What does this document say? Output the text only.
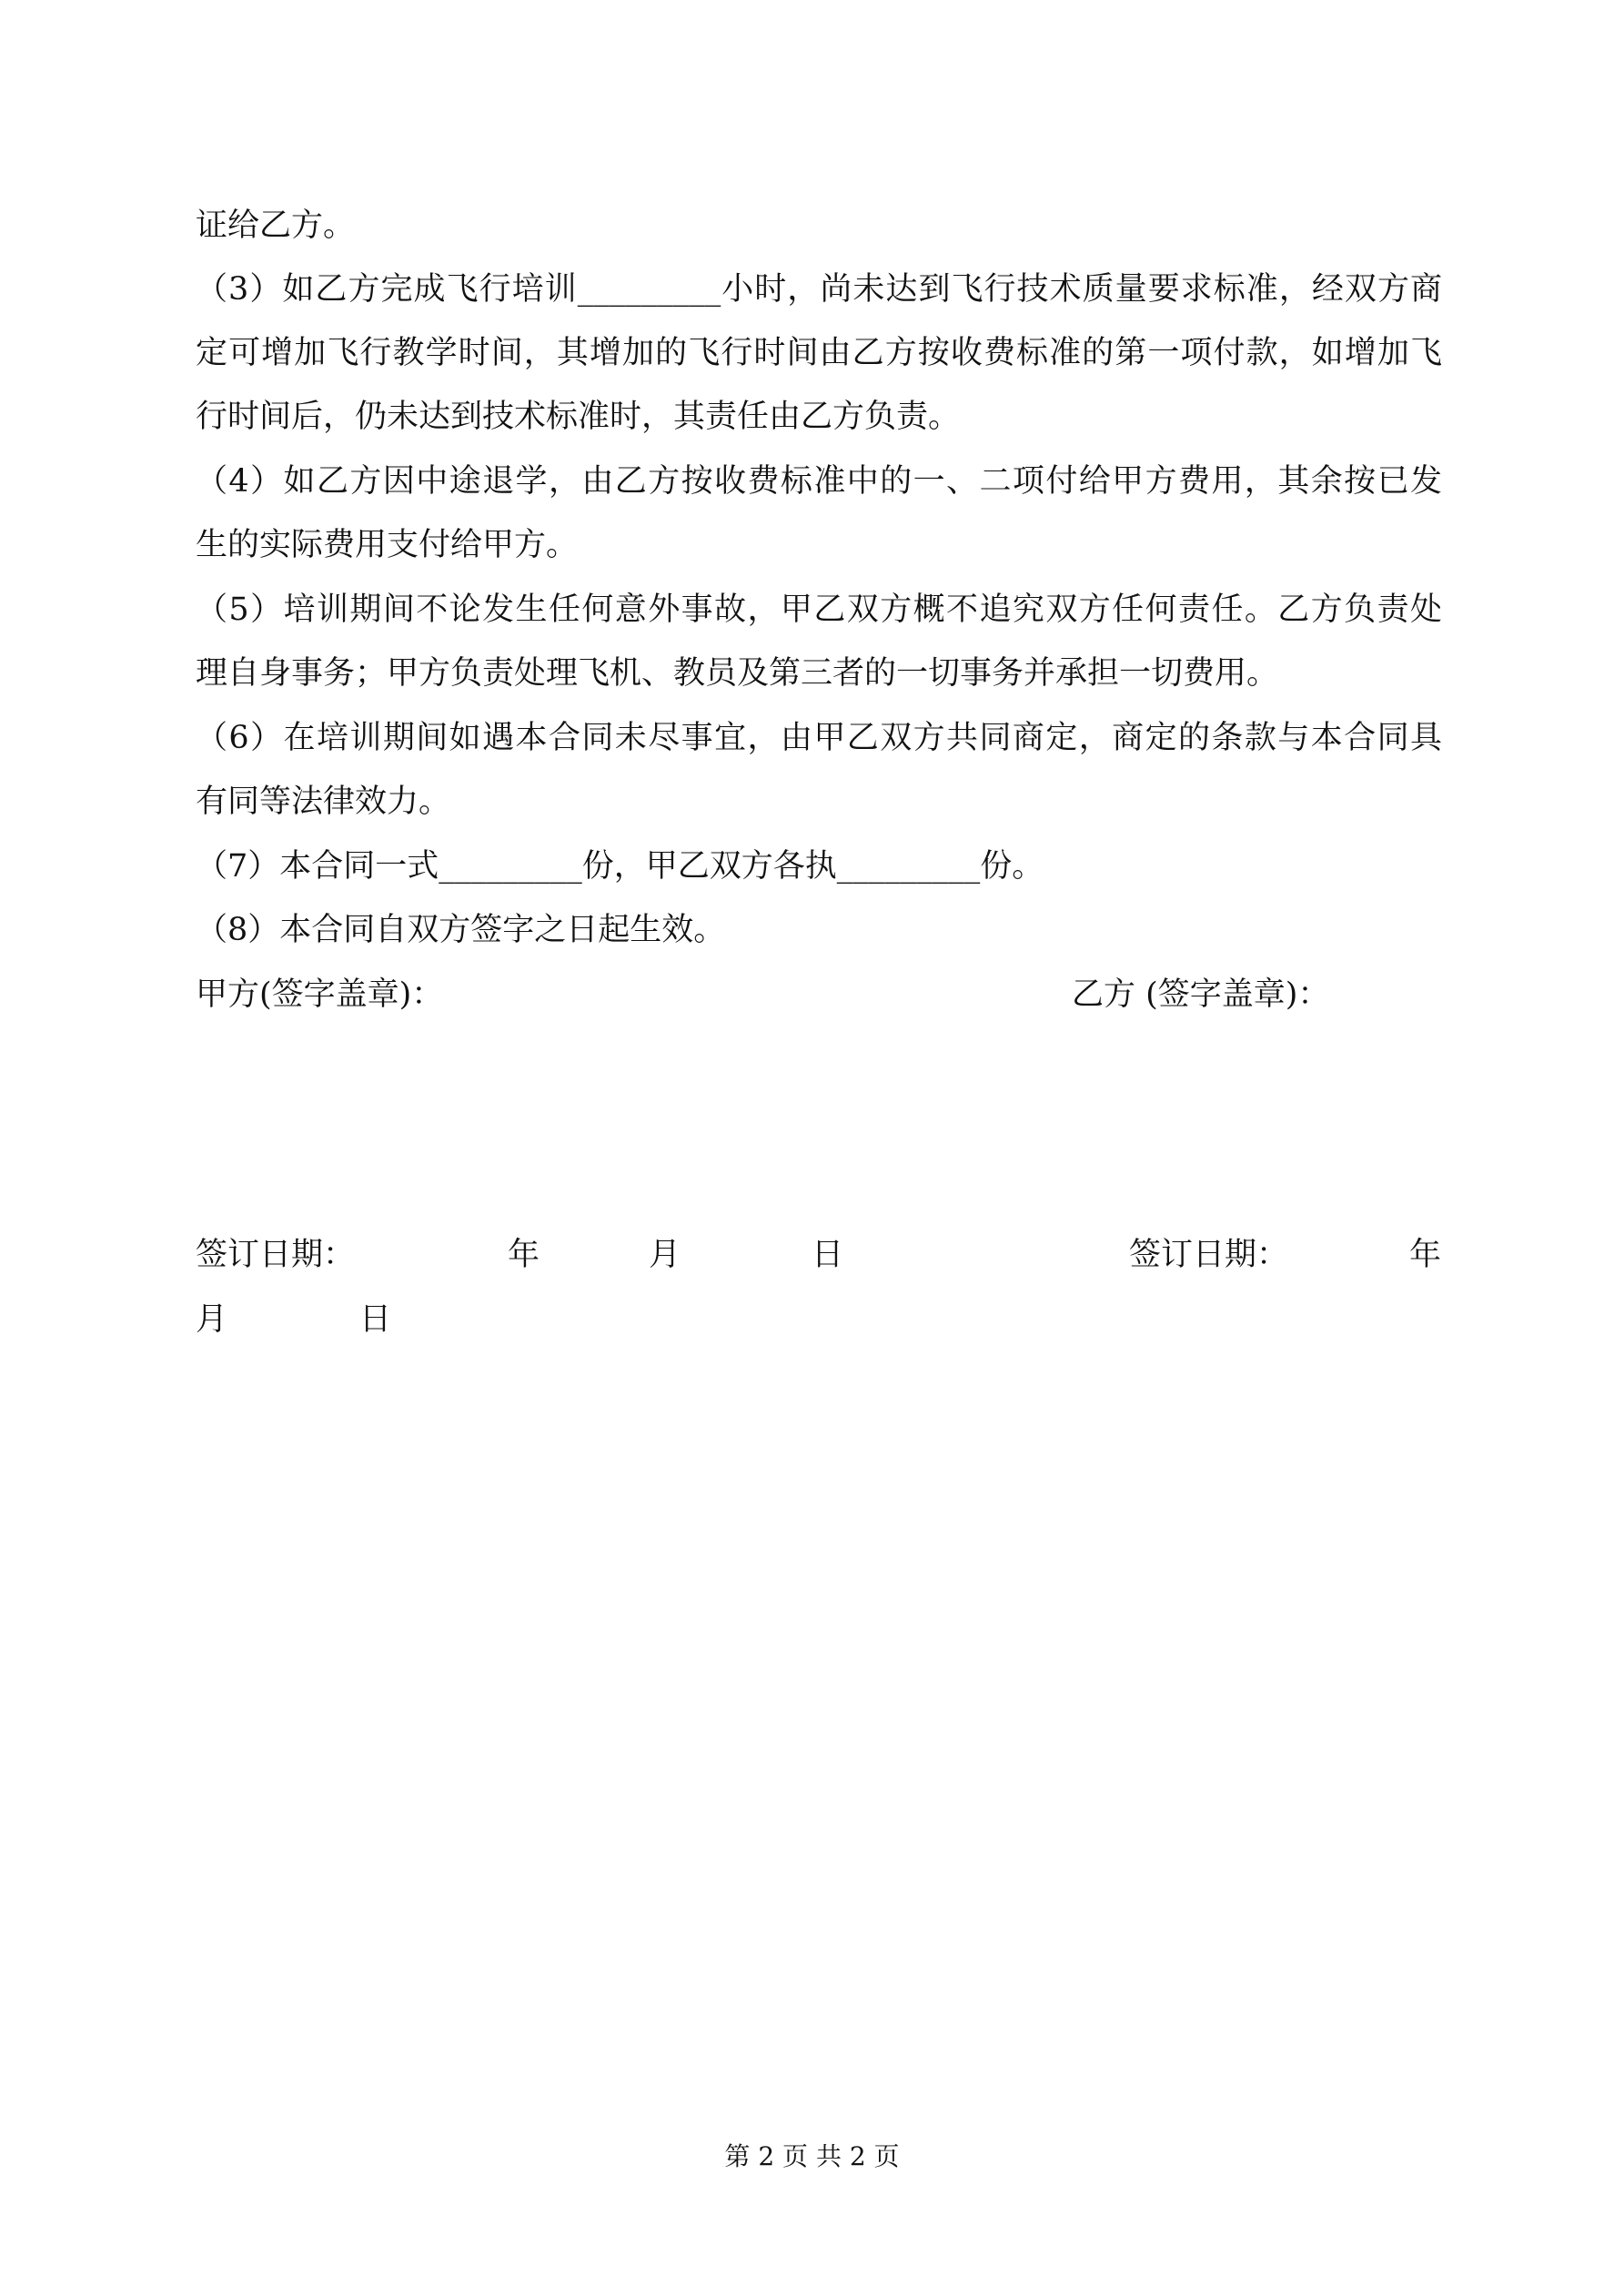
证给乙方。
（3）如乙方完成飞行培训_________小时，尚未达到飞行技术质量要求标准，经双方商
定可增加飞行教学时间，其增加的飞行时间由乙方按收费标准的第一项付款，如增加飞
行时间后，仍未达到技术标准时，其责任由乙方负责。
（4）如乙方因中途退学，由乙方按收费标准中的一、二项付给甲方费用，其余按已发
生的实际费用支付给甲方。
（5）培训期间不论发生任何意外事故，甲乙双方概不追究双方任何责任。乙方负责处
理自身事务；甲方负责处理飞机、教员及第三者的一切事务并承担一切费用。
（6）在培训期间如遇本合同未尽事宜，由甲乙双方共同商定，商定的条款与本合同具
有同等法律效力。
（7）本合同一式_________份，甲乙双方各执_________份。
（8）本合同自双方签字之日起生效。
甲方(签字盖章)：	乙方 (签字盖章)：
签订日期：	年	月	日	签订日期：	年
月	日
第 2 页 共 2 页
